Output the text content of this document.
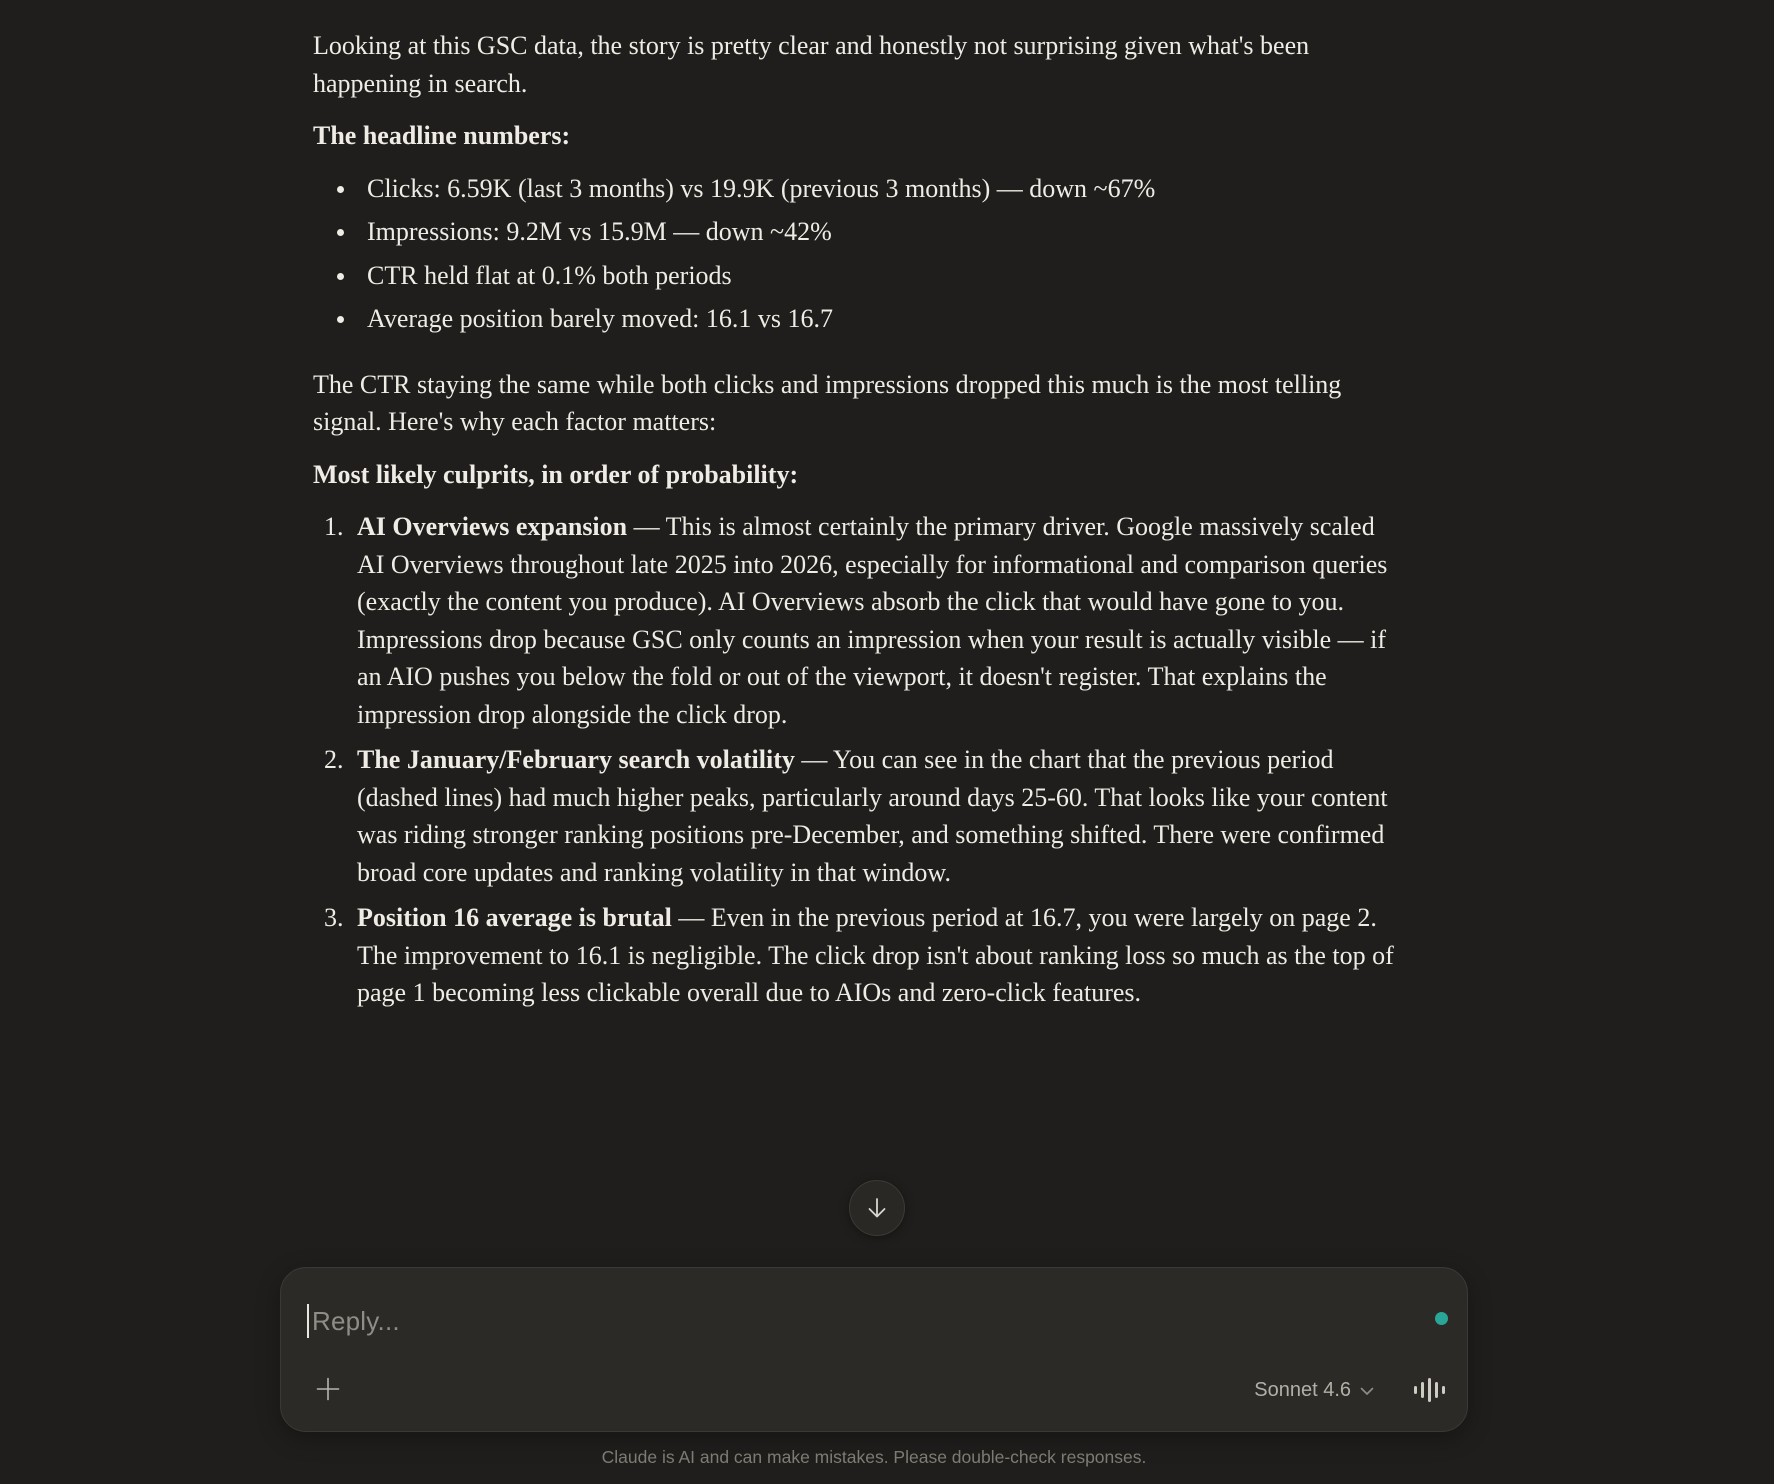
Looking at this GSC data, the story is pretty clear and honestly not surprising given what's been happening in search.

The headline numbers:

Clicks: 6.59K (last 3 months) vs 19.9K (previous 3 months) — down ~67%
Impressions: 9.2M vs 15.9M — down ~42%
CTR held flat at 0.1% both periods
Average position barely moved: 16.1 vs 16.7

The CTR staying the same while both clicks and impressions dropped this much is the most telling signal. Here's why each factor matters:

Most likely culprits, in order of probability:

1. AI Overviews expansion — This is almost certainly the primary driver. Google massively scaled AI Overviews throughout late 2025 into 2026, especially for informational and comparison queries (exactly the content you produce). AI Overviews absorb the click that would have gone to you. Impressions drop because GSC only counts an impression when your result is actually visible — if an AIO pushes you below the fold or out of the viewport, it doesn't register. That explains the impression drop alongside the click drop.
2. The January/February search volatility — You can see in the chart that the previous period (dashed lines) had much higher peaks, particularly around days 25-60. That looks like your content was riding stronger ranking positions pre-December, and something shifted. There were confirmed broad core updates and ranking volatility in that window.
3. Position 16 average is brutal — Even in the previous period at 16.7, you were largely on page 2. The improvement to 16.1 is negligible. The click drop isn't about ranking loss so much as the top of page 1 becoming less clickable overall due to AIOs and zero-click features.
Reply...
Sonnet 4.6
Claude is AI and can make mistakes. Please double-check responses.
